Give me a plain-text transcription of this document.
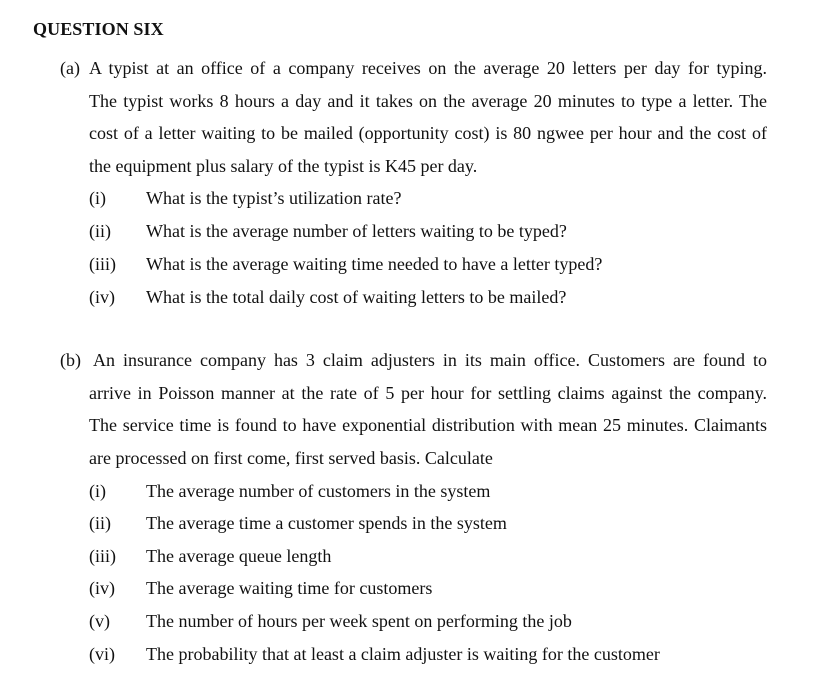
QUESTION SIX
(a) A typist at an office of a company receives on the average 20 letters per day for typing.
The typist works 8 hours a day and it takes on the average 20 minutes to type a letter. The
cost of a letter waiting to be mailed (opportunity cost) is 80 ngwee per hour and the cost of
the equipment plus salary of the typist is K45 per day.
(i) What is the typist’s utilization rate?
(ii) What is the average number of letters waiting to be typed?
(iii) What is the average waiting time needed to have a letter typed?
(iv) What is the total daily cost of waiting letters to be mailed?
(b) An insurance company has 3 claim adjusters in its main office. Customers are found to
arrive in Poisson manner at the rate of 5 per hour for settling claims against the company.
The service time is found to have exponential distribution with mean 25 minutes. Claimants
are processed on first come, first served basis. Calculate
(i) The average number of customers in the system
(ii) The average time a customer spends in the system
(iii) The average queue length
(iv) The average waiting time for customers
(v) The number of hours per week spent on performing the job
(vi) The probability that at least a claim adjuster is waiting for the customer
